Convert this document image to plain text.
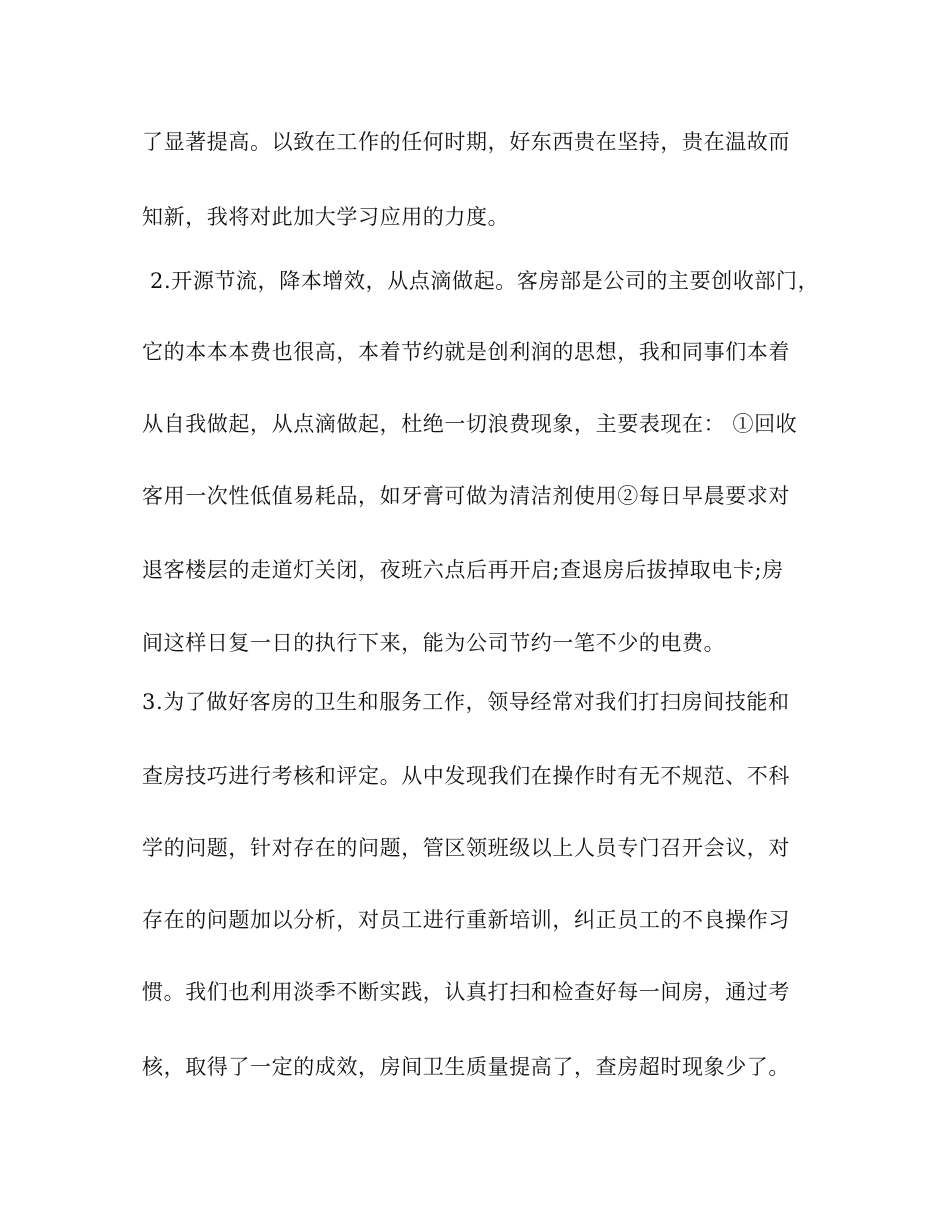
了显著提高。以致在工作的任何时期，好东西贵在坚持，贵在温故而
知新，我将对此加大学习应用的力度。
2.开源节流，降本增效，从点滴做起。客房部是公司的主要创收部门，
它的本本本费也很高，本着节约就是创利润的思想，我和同事们本着
从自我做起，从点滴做起，杜绝一切浪费现象，主要表现在： ①回收
客用一次性低值易耗品，如牙膏可做为清洁剂使用②每日早晨要求对
退客楼层的走道灯关闭，夜班六点后再开启;查退房后拔掉取电卡;房
间这样日复一日的执行下来，能为公司节约一笔不少的电费。
3.为了做好客房的卫生和服务工作，领导经常对我们打扫房间技能和
查房技巧进行考核和评定。从中发现我们在操作时有无不规范、不科
学的问题，针对存在的问题，管区领班级以上人员专门召开会议，对
存在的问题加以分析，对员工进行重新培训，纠正员工的不良操作习
惯。我们也利用淡季不断实践，认真打扫和检查好每一间房，通过考
核，取得了一定的成效，房间卫生质量提高了，查房超时现象少了。
